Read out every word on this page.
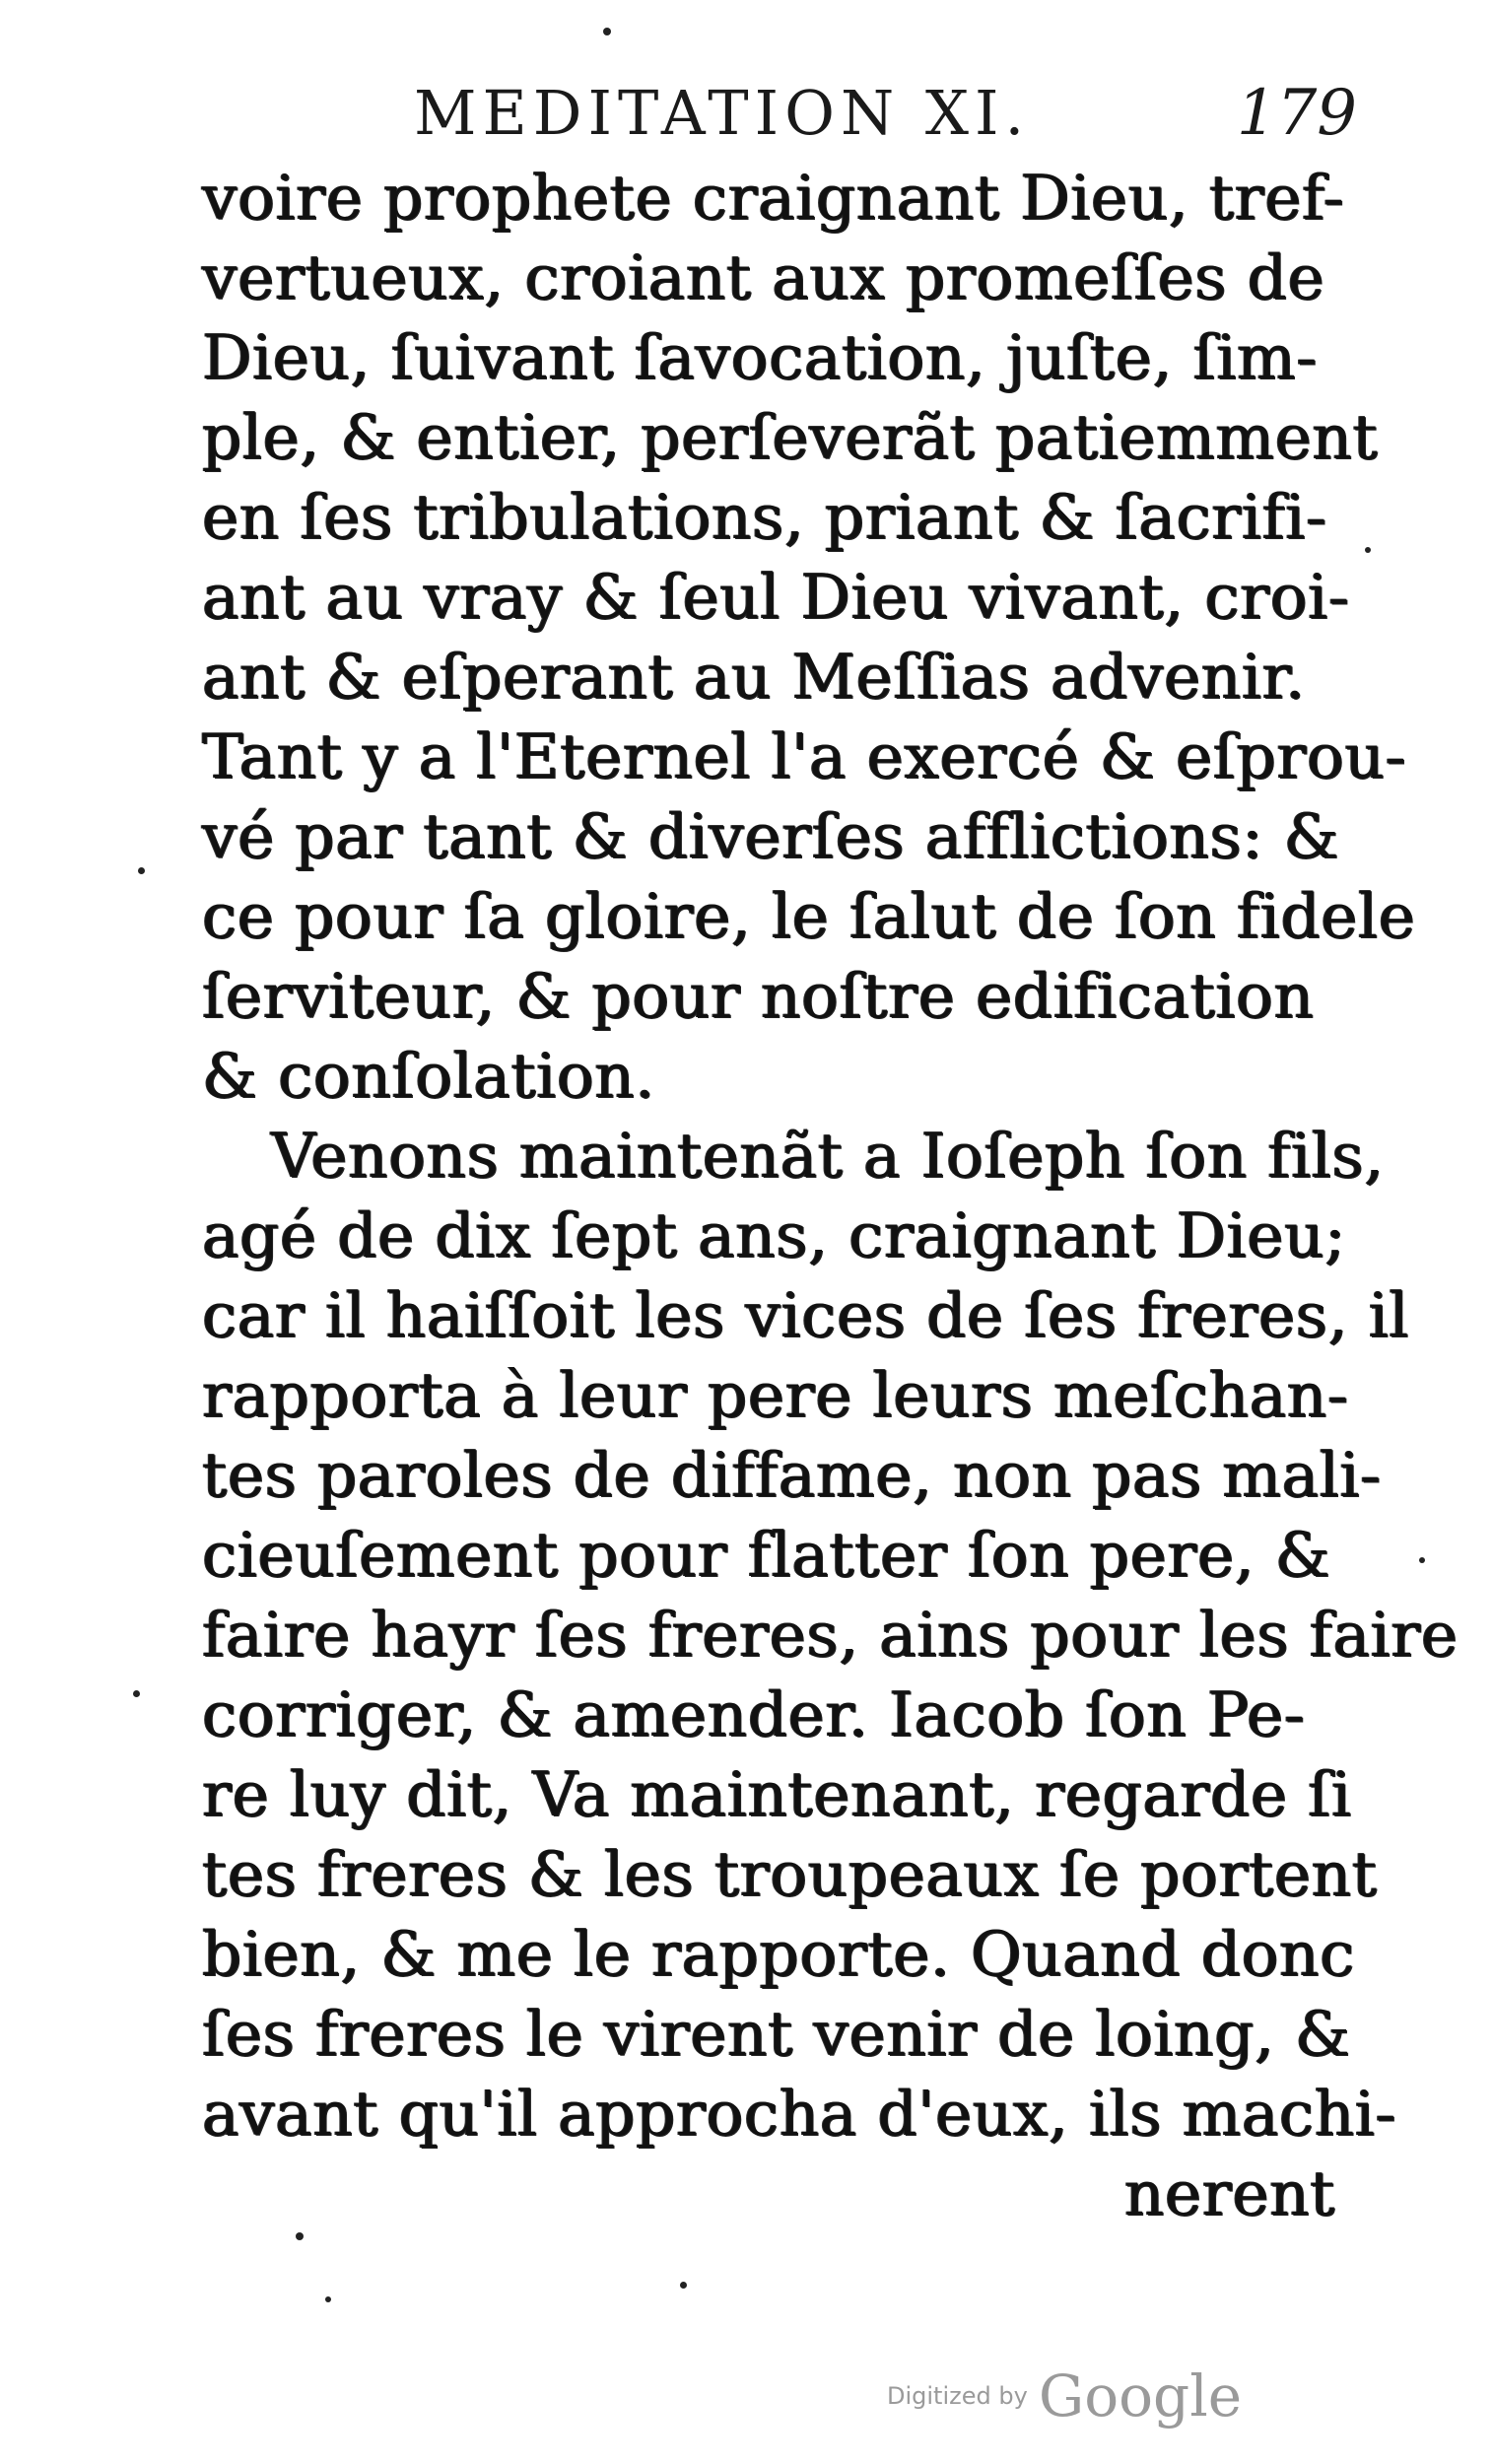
MEDITATION XI.	179
voire prophete craignant Dieu, tref-
vertueux, croiant aux promeſſes de
Dieu, ſuivant ſavocation, juſte, ſim-
ple, & entier, perſeverãt patiemment
en ſes tribulations, priant & ſacrifi-
ant au vray & ſeul Dieu vivant, croi-
ant & eſperant au Meſſias advenir.
Tant y a l'Eternel l'a exercé & eſprou-
vé par tant & diverſes afflictions: &
ce pour ſa gloire, le ſalut de ſon fidele
ſerviteur, & pour noſtre edification
& conſolation.
Venons maintenãt a Ioſeph ſon fils,
agé de dix ſept ans, craignant Dieu;
car il haiſſoit les vices de ſes freres, il
rapporta à leur pere leurs meſchan-
tes paroles de diffame, non pas mali-
cieuſement pour flatter ſon pere, &
faire hayr ſes freres, ains pour les faire
corriger, & amender. Iacob ſon Pe-
re luy dit, Va maintenant, regarde ſi
tes freres & les troupeaux ſe portent
bien, & me le rapporte. Quand donc
ſes freres le virent venir de loing, &
avant qu'il approcha d'eux, ils machi-
nerent
Digitized by Google
